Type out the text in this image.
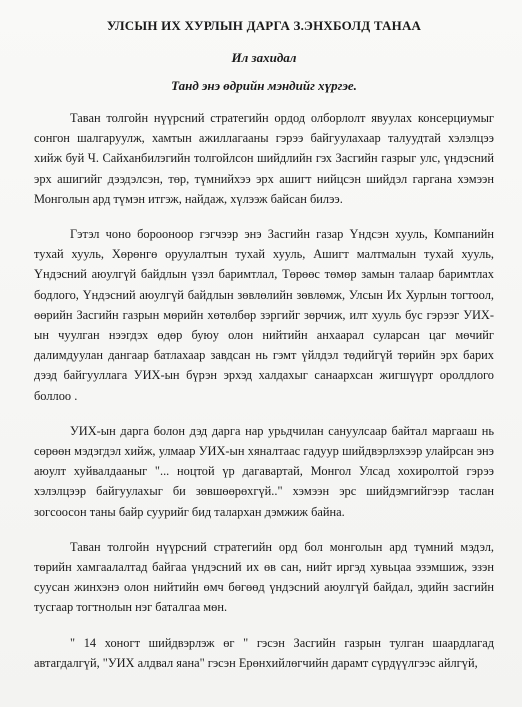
УЛСЫН ИХ ХУРЛЫН ДАРГА З.ЭНХБОЛД ТАНАА
Ил захидал
Танд энэ өдрийн мэндийг хүргэе.

Таван толгойн нүүрсний стратегийн ордод олборлолт явуулах консерциумыг сонгон шалгаруулж, хамтын ажиллагааны гэрээ байгуулахаар талуудтай хэлэлцээ хийж буй Ч. Сайханбилэгийн толгойлсон шийдлийн гэх Засгийн газрыг улс, үндэсний эрх ашигийг дээдэлсэн, төр, түмнийхээ эрх ашигт нийцсэн шийдэл гаргана хэмээн Монголын ард түмэн итгэж, найдаж, хүлээж байсан билээ.

Гэтэл чоно бороонoор гэгчээр энэ Засгийн газар Үндсэн хууль, Компанийн тухай хууль, Хөрөнгө оруулалтын тухай хууль, Ашигт малтмалын тухай хууль, Үндэсний аюулгүй байдлын үзэл баримтлал, Төрөөс төмөр замын талаар баримтлах бодлого, Үндэсний аюулгүй байдлын зөвлөлийн зөвлөмж, Улсын Их Хурлын тогтоол, өөрийн Засгийн газрын мөрийн хөтөлбөр зэргийг зөрчиж, илт хууль бус гэрээг УИХ-ын чуулган нээгдэх өдөр буюу олон нийтийн анхаарал суларсан цаг мөчийг далимдуулан дангаар батлахаар завдсан нь гэмт үйлдэл төдийгүй төрийн эрх барих дээд байгууллага УИХ-ын бүрэн эрхэд халдахыг санаархсан жигшүүрт оролдлого боллоо .

УИХ-ын дарга болон дэд дарга нар урьдчилан сануулсаар байтал маргааш нь сөрөөн мэдэгдэл хийж, улмаар УИХ-ын хяналтаас гадуур шийдвэрлэхээр улайрсан энэ аюулт хуйвалдааныг "... ноцтой үр дагавартай, Монгол Улсад хохиролтой гэрээ хэлэлцээр байгуулахыг би зөвшөөрөхгүй.." хэмээн эрс шийдэмгийгээр таслан зогсоосон таны байр суурийг бид талархан дэмжиж байна.

Таван толгойн нүүрсний стратегийн орд бол монголын ард түмний мэдэл, төрийн хамгаалалтад байгаа үндэсний их өв сан, нийт иргэд хувьцаа эзэмшиж, эзэн суусан жинхэнэ олон нийтийн өмч бөгөөд үндэсний аюулгүй байдал, эдийн засгийн тусгаар тогтнолын нэг баталгаа мөн.

" 14 хоногт шийдвэрлэж өг " гэсэн Засгийн газрын тулган шаардлагад автагдалгүй, "УИХ алдвал яана" гэсэн Ерөнхийлөгчийн дарамт сүрдүүлгээс айлгүй,
